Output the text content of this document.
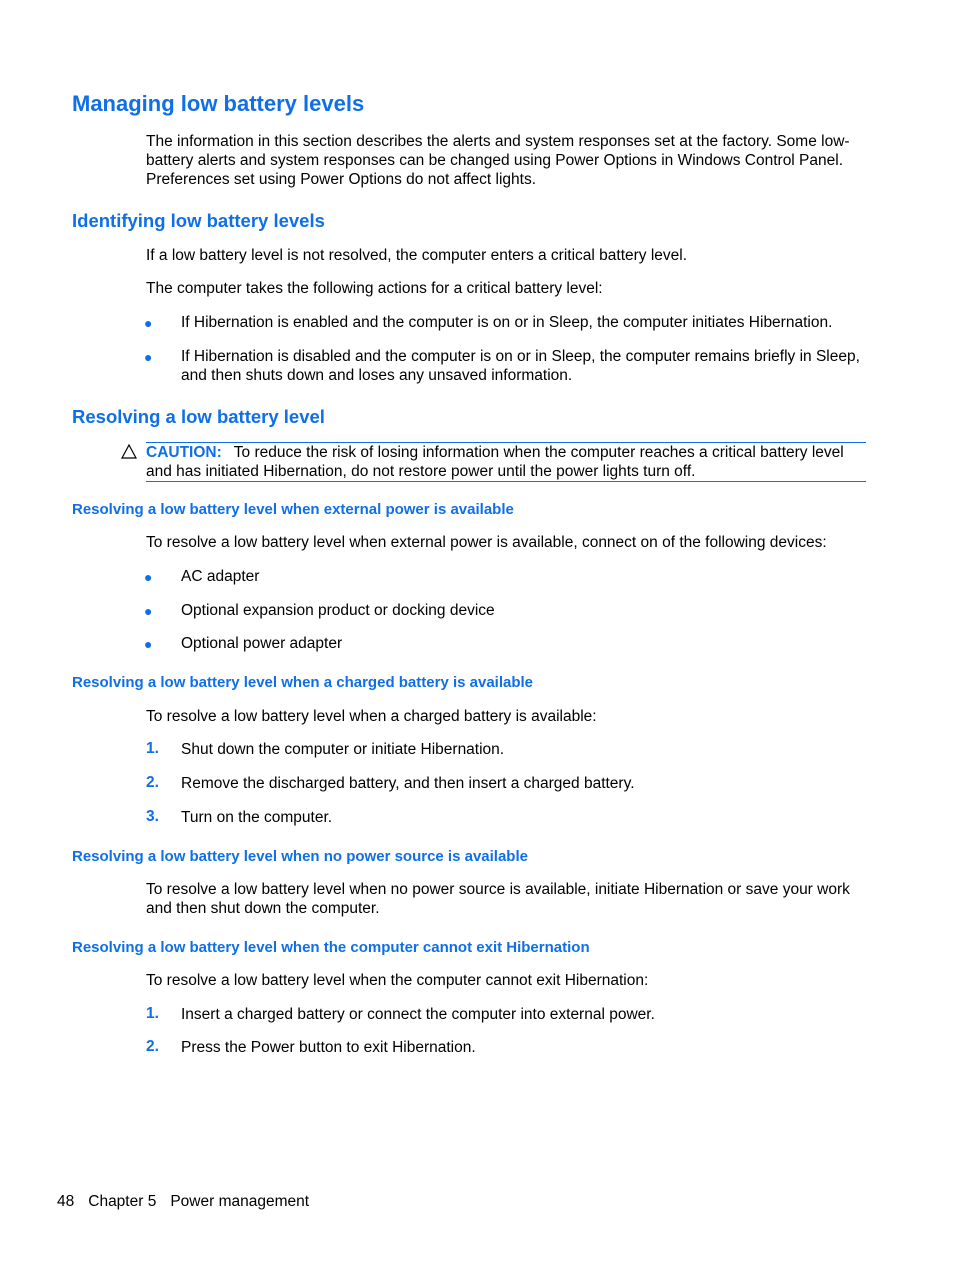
Managing low battery levels

The information in this section describes the alerts and system responses set at the factory. Some low-battery alerts and system responses can be changed using Power Options in Windows Control Panel. Preferences set using Power Options do not affect lights.

Identifying low battery levels

If a low battery level is not resolved, the computer enters a critical battery level.

The computer takes the following actions for a critical battery level:

● If Hibernation is enabled and the computer is on or in Sleep, the computer initiates Hibernation.

● If Hibernation is disabled and the computer is on or in Sleep, the computer remains briefly in Sleep, and then shuts down and loses any unsaved information.

Resolving a low battery level

CAUTION: To reduce the risk of losing information when the computer reaches a critical battery level and has initiated Hibernation, do not restore power until the power lights turn off.

Resolving a low battery level when external power is available

To resolve a low battery level when external power is available, connect on of the following devices:

● AC adapter

● Optional expansion product or docking device

● Optional power adapter

Resolving a low battery level when a charged battery is available

To resolve a low battery level when a charged battery is available:

1. Shut down the computer or initiate Hibernation.

2. Remove the discharged battery, and then insert a charged battery.

3. Turn on the computer.

Resolving a low battery level when no power source is available

To resolve a low battery level when no power source is available, initiate Hibernation or save your work and then shut down the computer.

Resolving a low battery level when the computer cannot exit Hibernation

To resolve a low battery level when the computer cannot exit Hibernation:

1. Insert a charged battery or connect the computer into external power.

2. Press the Power button to exit Hibernation.

48 Chapter 5 Power management
